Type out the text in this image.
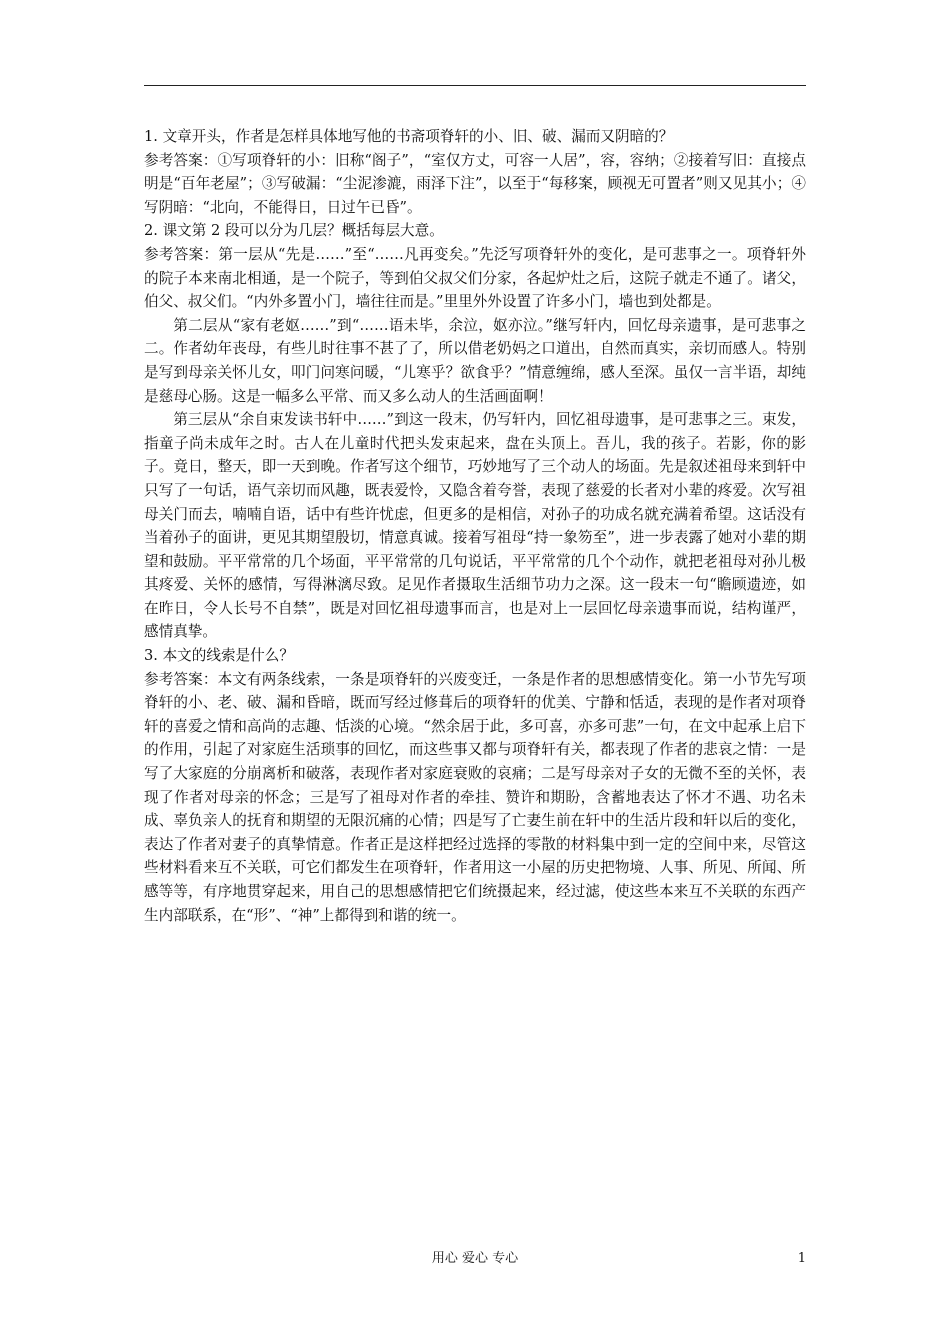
1. 文章开头，作者是怎样具体地写他的书斋项脊轩的小、旧、破、漏而又阴暗的？

参考答案：①写项脊轩的小：旧称“阁子”，“室仅方丈，可容一人居”，容，容纳；②接着写旧：直接点明是“百年老屋”；③写破漏：“尘泥渗漉，雨泽下注”，以至于“每移案，顾视无可置者”则又见其小；④写阴暗：“北向，不能得日，日过午已昏”。

2. 课文第 2 段可以分为几层？概括每层大意。

参考答案：第一层从“先是……”至“……凡再变矣。”先泛写项脊轩外的变化，是可悲事之一。项脊轩外的院子本来南北相通，是一个院子，等到伯父叔父们分家，各起炉灶之后，这院子就走不通了。诸父，伯父、叔父们。“内外多置小门，墙往往而是。”里里外外设置了许多小门，墙也到处都是。

第二层从“家有老妪……”到“……语未毕，余泣，妪亦泣。”继写轩内，回忆母亲遗事，是可悲事之二。作者幼年丧母，有些儿时往事不甚了了，所以借老奶妈之口道出，自然而真实，亲切而感人。特别是写到母亲关怀儿女，叩门问寒问暖，“儿寒乎？欲食乎？”情意缠绵，感人至深。虽仅一言半语，却纯是慈母心肠。这是一幅多么平常、而又多么动人的生活画面啊！

第三层从“余自束发读书轩中……”到这一段末，仍写轩内，回忆祖母遗事，是可悲事之三。束发，指童子尚未成年之时。古人在儿童时代把头发束起来，盘在头顶上。吾儿，我的孩子。若影，你的影子。竟日，整天，即一天到晚。作者写这个细节，巧妙地写了三个动人的场面。先是叙述祖母来到轩中只写了一句话，语气亲切而风趣，既表爱怜，又隐含着夸誉，表现了慈爱的长者对小辈的疼爱。次写祖母关门而去，喃喃自语，话中有些许忧虑，但更多的是相信，对孙子的功成名就充满着希望。这话没有当着孙子的面讲，更见其期望殷切，情意真诚。接着写祖母“持一象笏至”，进一步表露了她对小辈的期望和鼓励。平平常常的几个场面，平平常常的几句说话，平平常常的几个个动作，就把老祖母对孙儿极其疼爱、关怀的感情，写得淋漓尽致。足见作者摄取生活细节功力之深。这一段末一句“瞻顾遗迹，如在昨日，令人长号不自禁”，既是对回忆祖母遗事而言，也是对上一层回忆母亲遗事而说，结构谨严，感情真挚。

3. 本文的线索是什么？

参考答案：本文有两条线索，一条是项脊轩的兴废变迁，一条是作者的思想感情变化。第一小节先写项脊轩的小、老、破、漏和昏暗，既而写经过修葺后的项脊轩的优美、宁静和恬适，表现的是作者对项脊轩的喜爱之情和高尚的志趣、恬淡的心境。“然余居于此，多可喜，亦多可悲”一句，在文中起承上启下的作用，引起了对家庭生活琐事的回忆，而这些事又都与项脊轩有关，都表现了作者的悲哀之情：一是写了大家庭的分崩离析和破落，表现作者对家庭衰败的哀痛；二是写母亲对子女的无微不至的关怀，表现了作者对母亲的怀念；三是写了祖母对作者的牵挂、赞许和期盼，含蓄地表达了怀才不遇、功名未成、辜负亲人的抚育和期望的无限沉痛的心情；四是写了亡妻生前在轩中的生活片段和轩以后的变化，表达了作者对妻子的真挚情意。作者正是这样把经过选择的零散的材料集中到一定的空间中来，尽管这些材料看来互不关联，可它们都发生在项脊轩，作者用这一小屋的历史把物境、人事、所见、所闻、所感等等，有序地贯穿起来，用自己的思想感情把它们统摄起来，经过滤，使这些本来互不关联的东西产生内部联系，在“形”、“神”上都得到和谐的统一。

用心 爱心 专心	1
